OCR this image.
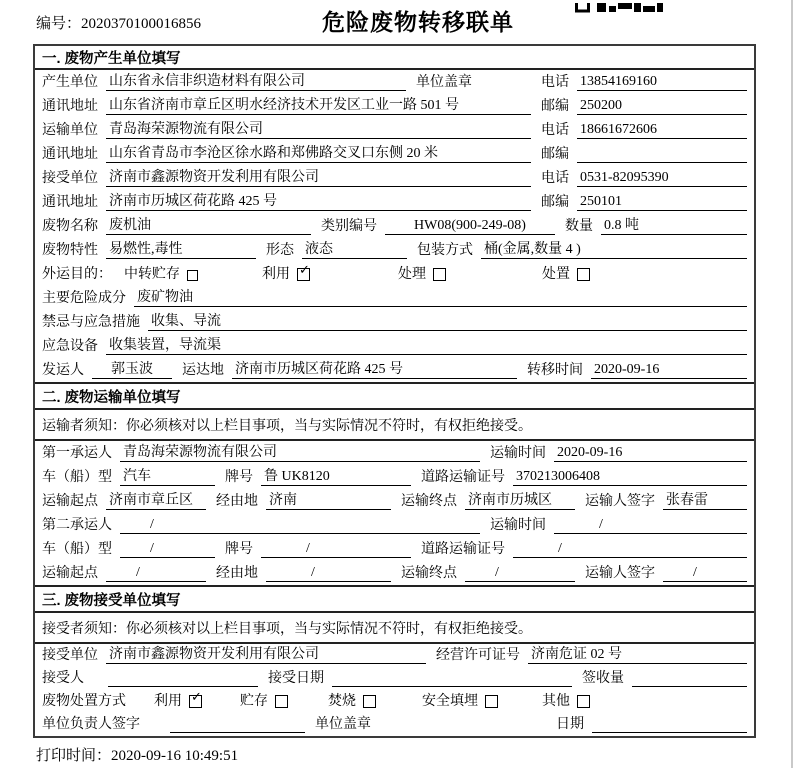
编号：2020370100016856	危险废物转移联单
一. 废物产生单位填写
产生单位 山东省永信非织造材料有限公司	单位盖章	电话 13854169160
通讯地址 山东省济南市章丘区明水经济技术开发区工业一路 501 号	邮编 250200
运输单位 青岛海荣源物流有限公司	电话 18661672606
通讯地址 山东省青岛市李沧区徐水路和郑佛路交叉口东侧 20 米	邮编
接受单位 济南市鑫源物资开发利用有限公司	电话 0531-82095390
通讯地址 济南市历城区荷花路 425 号	邮编 250101
废物名称 废机油	类别编号	HW08(900-249-08)	数量 0.8 吨
废物特性 易燃性,毒性	形态 液态	包装方式 桶(金属,数量 4 )
外运目的： 中转贮存	利用 ✓	处理	处置
主要危险成分 废矿物油
禁忌与应急措施 收集、导流
应急设备 收集装置，导流渠
发运人	郭玉波	运达地 济南市历城区荷花路 425 号	转移时间 2020-09-16
二. 废物运输单位填写
运输者须知：你必须核对以上栏目事项，当与实际情况不符时，有权拒绝接受。
第一承运人 青岛海荣源物流有限公司	运输时间 2020-09-16
车（船）型 汽车	牌号 鲁 UK8120	道路运输证号 370213006408
运输起点 济南市章丘区	经由地 济南	运输终点 济南市历城区	运输人签字 张春雷
第二承运人	/	运输时间	/
车（船）型	/	牌号	/	道路运输证号	/
运输起点	/	经由地	/	运输终点	/	运输人签字	/
三. 废物接受单位填写
接受者须知：你必须核对以上栏目事项，当与实际情况不符时，有权拒绝接受。
接受单位 济南市鑫源物资开发利用有限公司	经营许可证号 济南危证 02 号
接受人	接受日期	签收量
废物处置方式 利用 ✓	贮存	焚烧	安全填埋	其他
单位负责人签字	单位盖章	日期
打印时间：2020-09-16 10:49:51
